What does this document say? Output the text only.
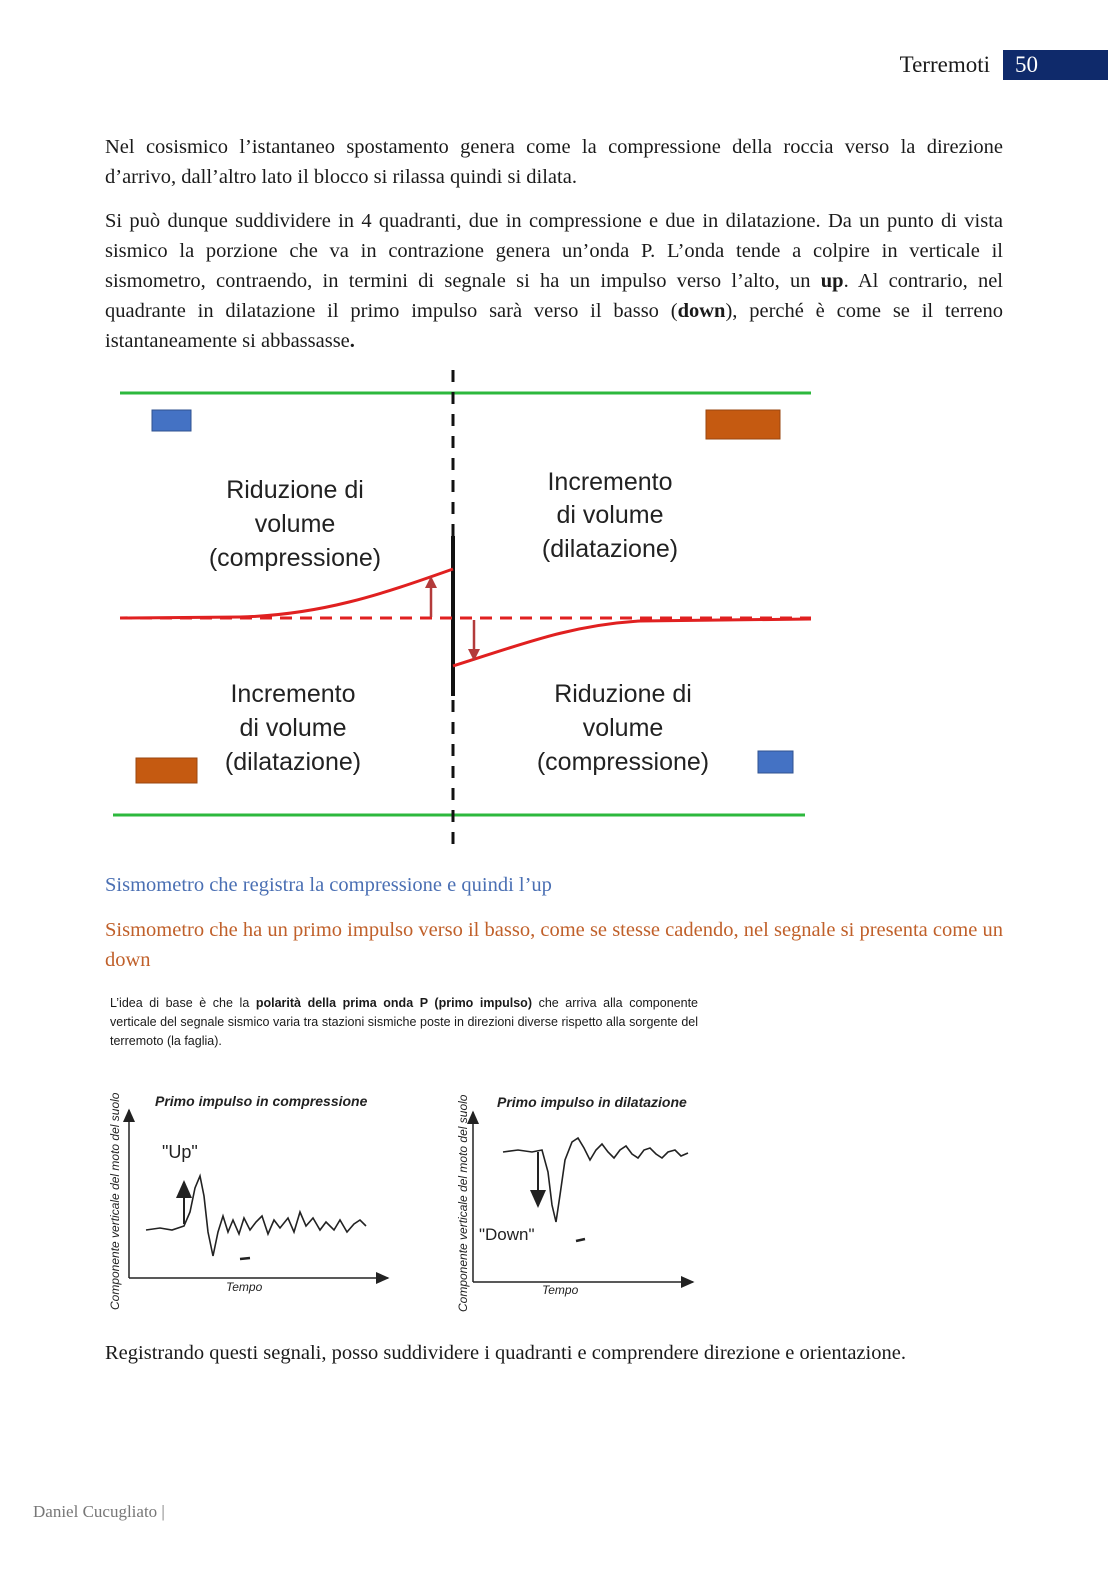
Terremoti	50

Nel cosismico l’istantaneo spostamento genera come la compressione della roccia verso la direzione d’arrivo, dall’altro lato il blocco si rilassa quindi si dilata.

Si può dunque suddividere in 4 quadranti, due in compressione e due in dilatazione. Da un punto di vista sismico la porzione che va in contrazione genera un’onda P. L’onda tende a colpire in verticale il sismometro, contraendo, in termini di segnale si ha un impulso verso l’alto, un up. Al contrario, nel quadrante in dilatazione il primo impulso sarà verso il basso (down), perché è come se il terreno istantaneamente si abbassasse.

Riduzione di
volume
(compressione)
Incremento
di volume
(dilatazione)
Incremento
di volume
(dilatazione)
Riduzione di
volume
(compressione)

Sismometro che registra la compressione e quindi l’up

Sismometro che ha un primo impulso verso il basso, come se stesse cadendo, nel segnale si presenta come un down

L’idea di base è che la polarità della prima onda P (primo impulso) che arriva alla componente verticale del segnale sismico varia tra stazioni sismiche poste in direzioni diverse rispetto alla sorgente del terremoto (la faglia).

Componente verticale del moto del suolo Primo impulso in compressione
"Up"
Tempo	Componente verticale del moto del suolo Primo impulso in dilatazione
"Down"
Tempo

Registrando questi segnali, posso suddividere i quadranti e comprendere direzione e orientazione.

Daniel Cucugliato |
